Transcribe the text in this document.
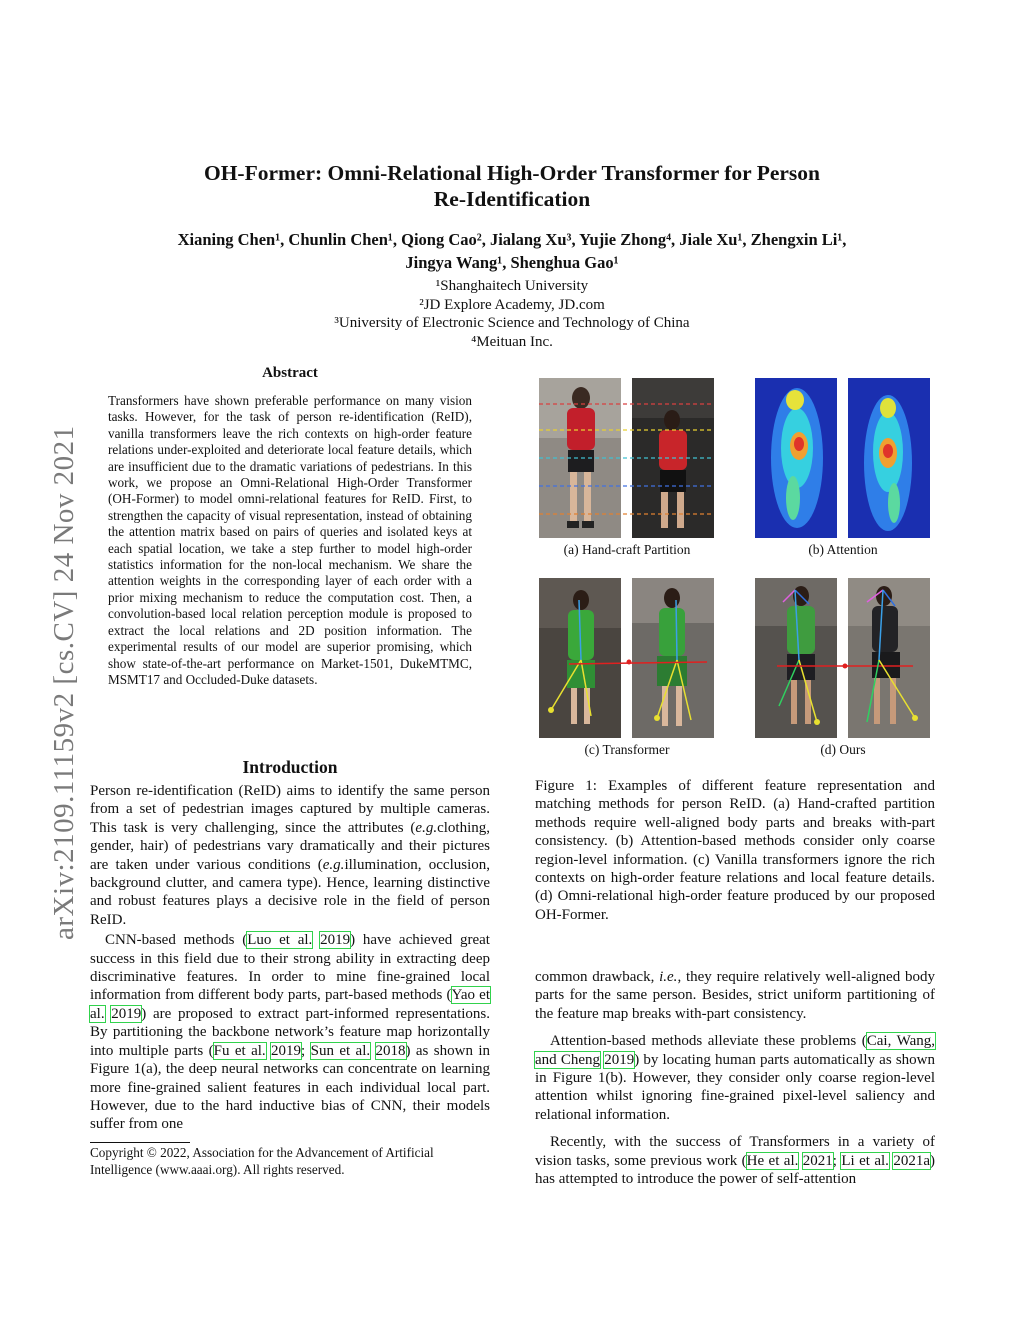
OH-Former: Omni-Relational High-Order Transformer for Person
Re-Identification
Xianing Chen¹, Chunlin Chen¹, Qiong Cao², Jialang Xu³, Yujie Zhong⁴, Jiale Xu¹, Zhengxin Li¹,
Jingya Wang¹, Shenghua Gao¹
¹Shanghaitech University
²JD Explore Academy, JD.com
³University of Electronic Science and Technology of China
⁴Meituan Inc.
arXiv:2109.11159v2 [cs.CV] 24 Nov 2021
Abstract
Transformers have shown preferable performance on many vision tasks. However, for the task of person re-identification (ReID), vanilla transformers leave the rich contexts on high-order feature relations under-exploited and deteriorate local feature details, which are insufficient due to the dramatic variations of pedestrians. In this work, we propose an Omni-Relational High-Order Transformer (OH-Former) to model omni-relational features for ReID. First, to strengthen the capacity of visual representation, instead of obtaining the attention matrix based on pairs of queries and isolated keys at each spatial location, we take a step further to model high-order statistics information for the non-local mechanism. We share the attention weights in the corresponding layer of each order with a prior mixing mechanism to reduce the computation cost. Then, a convolution-based local relation perception module is proposed to extract the local relations and 2D position information. The experimental results of our model are superior promising, which show state-of-the-art performance on Market-1501, DukeMTMC, MSMT17 and Occluded-Duke datasets.
Introduction

Person re-identification (ReID) aims to identify the same person from a set of pedestrian images captured by multiple cameras. This task is very challenging, since the attributes (e.g.clothing, gender, hair) of pedestrians vary dramatically and their pictures are taken under various conditions (e.g.illumination, occlusion, background clutter, and camera type). Hence, learning distinctive and robust features plays a decisive role in the field of person ReID.

CNN-based methods (Luo et al. 2019) have achieved great success in this field due to their strong ability in extracting deep discriminative features. In order to mine fine-grained local information from different body parts, part-based methods (Yao et al. 2019) are proposed to extract part-informed representations. By partitioning the backbone network’s feature map horizontally into multiple parts (Fu et al. 2019; Sun et al. 2018) as shown in Figure 1(a), the deep neural networks can concentrate on learning more fine-grained salient features in each individual local part. However, due to the hard inductive bias of CNN, their models suffer from one

Copyright © 2022, Association for the Advancement of Artificial Intelligence (www.aaai.org). All rights reserved.
(a) Hand-craft Partition	(b) Attention
(c) Transformer	(d) Ours
Figure 1: Examples of different feature representation and matching methods for person ReID. (a) Hand-crafted partition methods require well-aligned body parts and breaks with-part consistency. (b) Attention-based methods consider only coarse region-level information. (c) Vanilla transformers ignore the rich contexts on high-order feature relations and local feature details. (d) Omni-relational high-order feature produced by our proposed OH-Former.

common drawback, i.e., they require relatively well-aligned body parts for the same person. Besides, strict uniform partitioning of the feature map breaks with-part consistency.

Attention-based methods alleviate these problems (Cai, Wang, and Cheng 2019) by locating human parts automatically as shown in Figure 1(b). However, they consider only coarse region-level attention whilst ignoring fine-grained pixel-level saliency and relational information.

Recently, with the success of Transformers in a variety of vision tasks, some previous work (He et al. 2021; Li et al. 2021a) has attempted to introduce the power of self-attention
